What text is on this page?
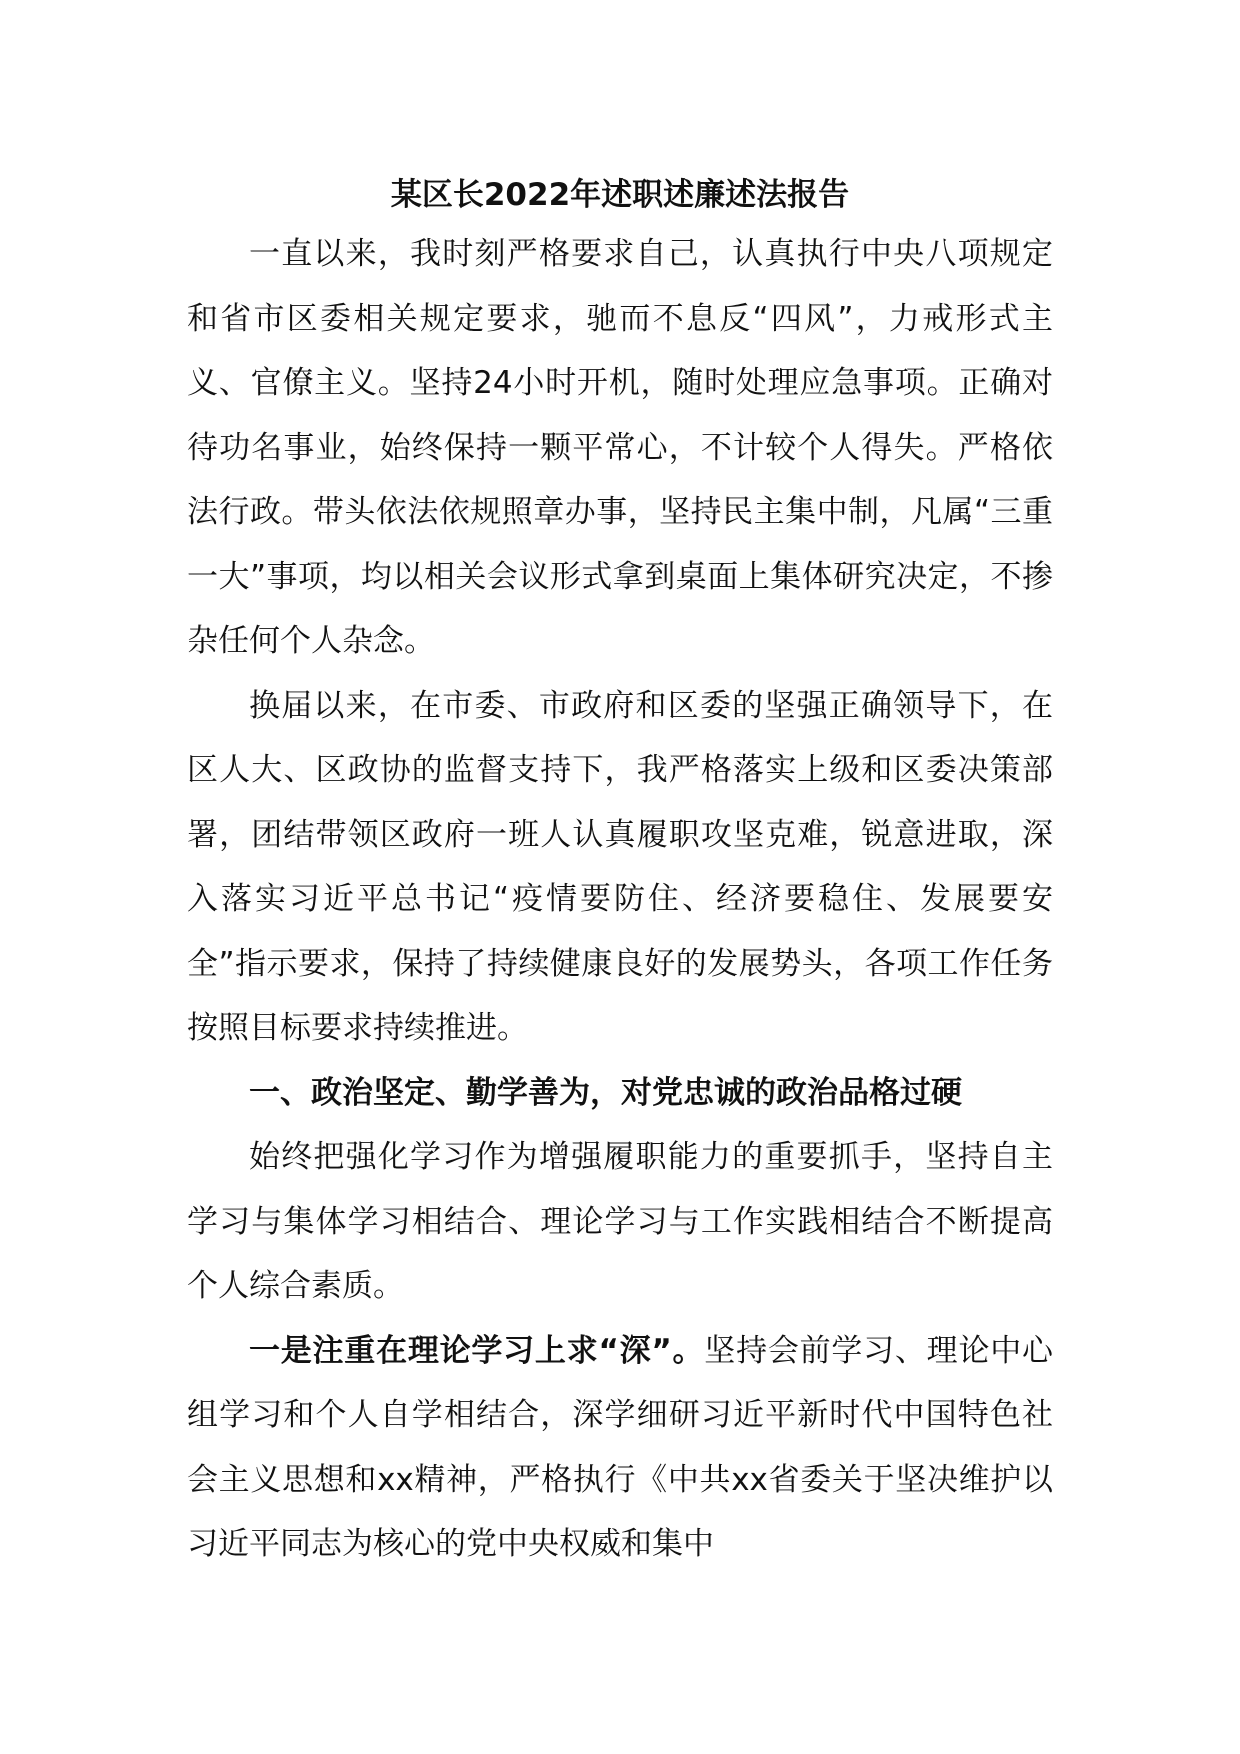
某区长2022年述职述廉述法报告

一直以来，我时刻严格要求自己，认真执行中央八项规定和省市区委相关规定要求，驰而不息反“四风”，力戒形式主义、官僚主义。坚持24小时开机，随时处理应急事项。正确对待功名事业，始终保持一颗平常心，不计较个人得失。严格依法行政。带头依法依规照章办事，坚持民主集中制，凡属“三重一大”事项，均以相关会议形式拿到桌面上集体研究决定，不掺杂任何个人杂念。

换届以来，在市委、市政府和区委的坚强正确领导下，在区人大、区政协的监督支持下，我严格落实上级和区委决策部署，团结带领区政府一班人认真履职攻坚克难，锐意进取，深入落实习近平总书记“疫情要防住、经济要稳住、发展要安全”指示要求，保持了持续健康良好的发展势头，各项工作任务按照目标要求持续推进。

一、政治坚定、勤学善为，对党忠诚的政治品格过硬

始终把强化学习作为增强履职能力的重要抓手，坚持自主学习与集体学习相结合、理论学习与工作实践相结合不断提高个人综合素质。

一是注重在理论学习上求“深”。坚持会前学习、理论中心组学习和个人自学相结合，深学细研习近平新时代中国特色社会主义思想和xx精神，严格执行《中共xx省委关于坚决维护以习近平同志为核心的党中央权威和集中
